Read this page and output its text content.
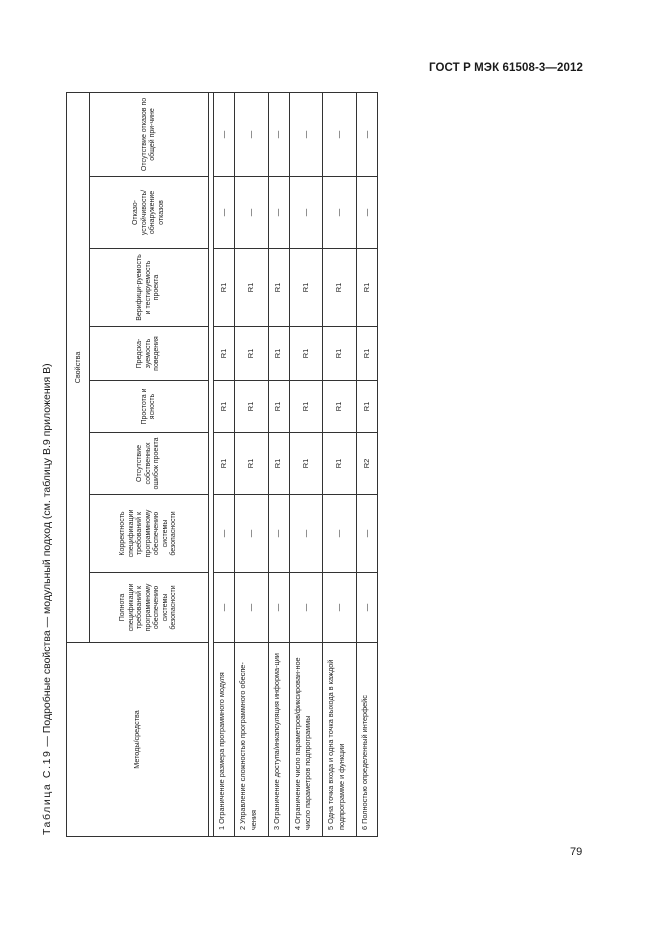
ГОСТ Р МЭК 61508-3—2012
Таблица C.19 — Подробные свойства — модульный подход (см. таблицу B.9 приложения B)	Методы/средства	Свойства							
	Полнота спецификации требований к программному обеспечению системы безопасности	Корректность спецификации требований к программному обеспечению системы безопасности	Отсутствие собственных ошибок проекта	Простота и ясность	Предска-зуемость поведения	Верифици-руемость и тестируемость проекта	Отказо-устойчивость/обнаружение отказов	Отсутствие отказов по общей при-чине

1 Ограничение размера программного модуля	—	—	R1	R1	R1	R1	—	—
2 Управление сложностью программного обеспе-чения	—	—	R1	R1	R1	R1	—	—
3 Ограничение доступа/инкапсуляция информа-ции	—	—	R1	R1	R1	R1	—	—
4 Ограничение число параметров/фиксирован-ное число параметров подпрограммы	—	—	R1	R1	R1	R1	—	—
5 Одна точка входа и одна точка выхода в каждой подпрограмме и функции	—	—	R1	R1	R1	R1	—	—
6 Полностью определенный интерфейс	—	—	R2	R1	R1	R1	—	—
79
